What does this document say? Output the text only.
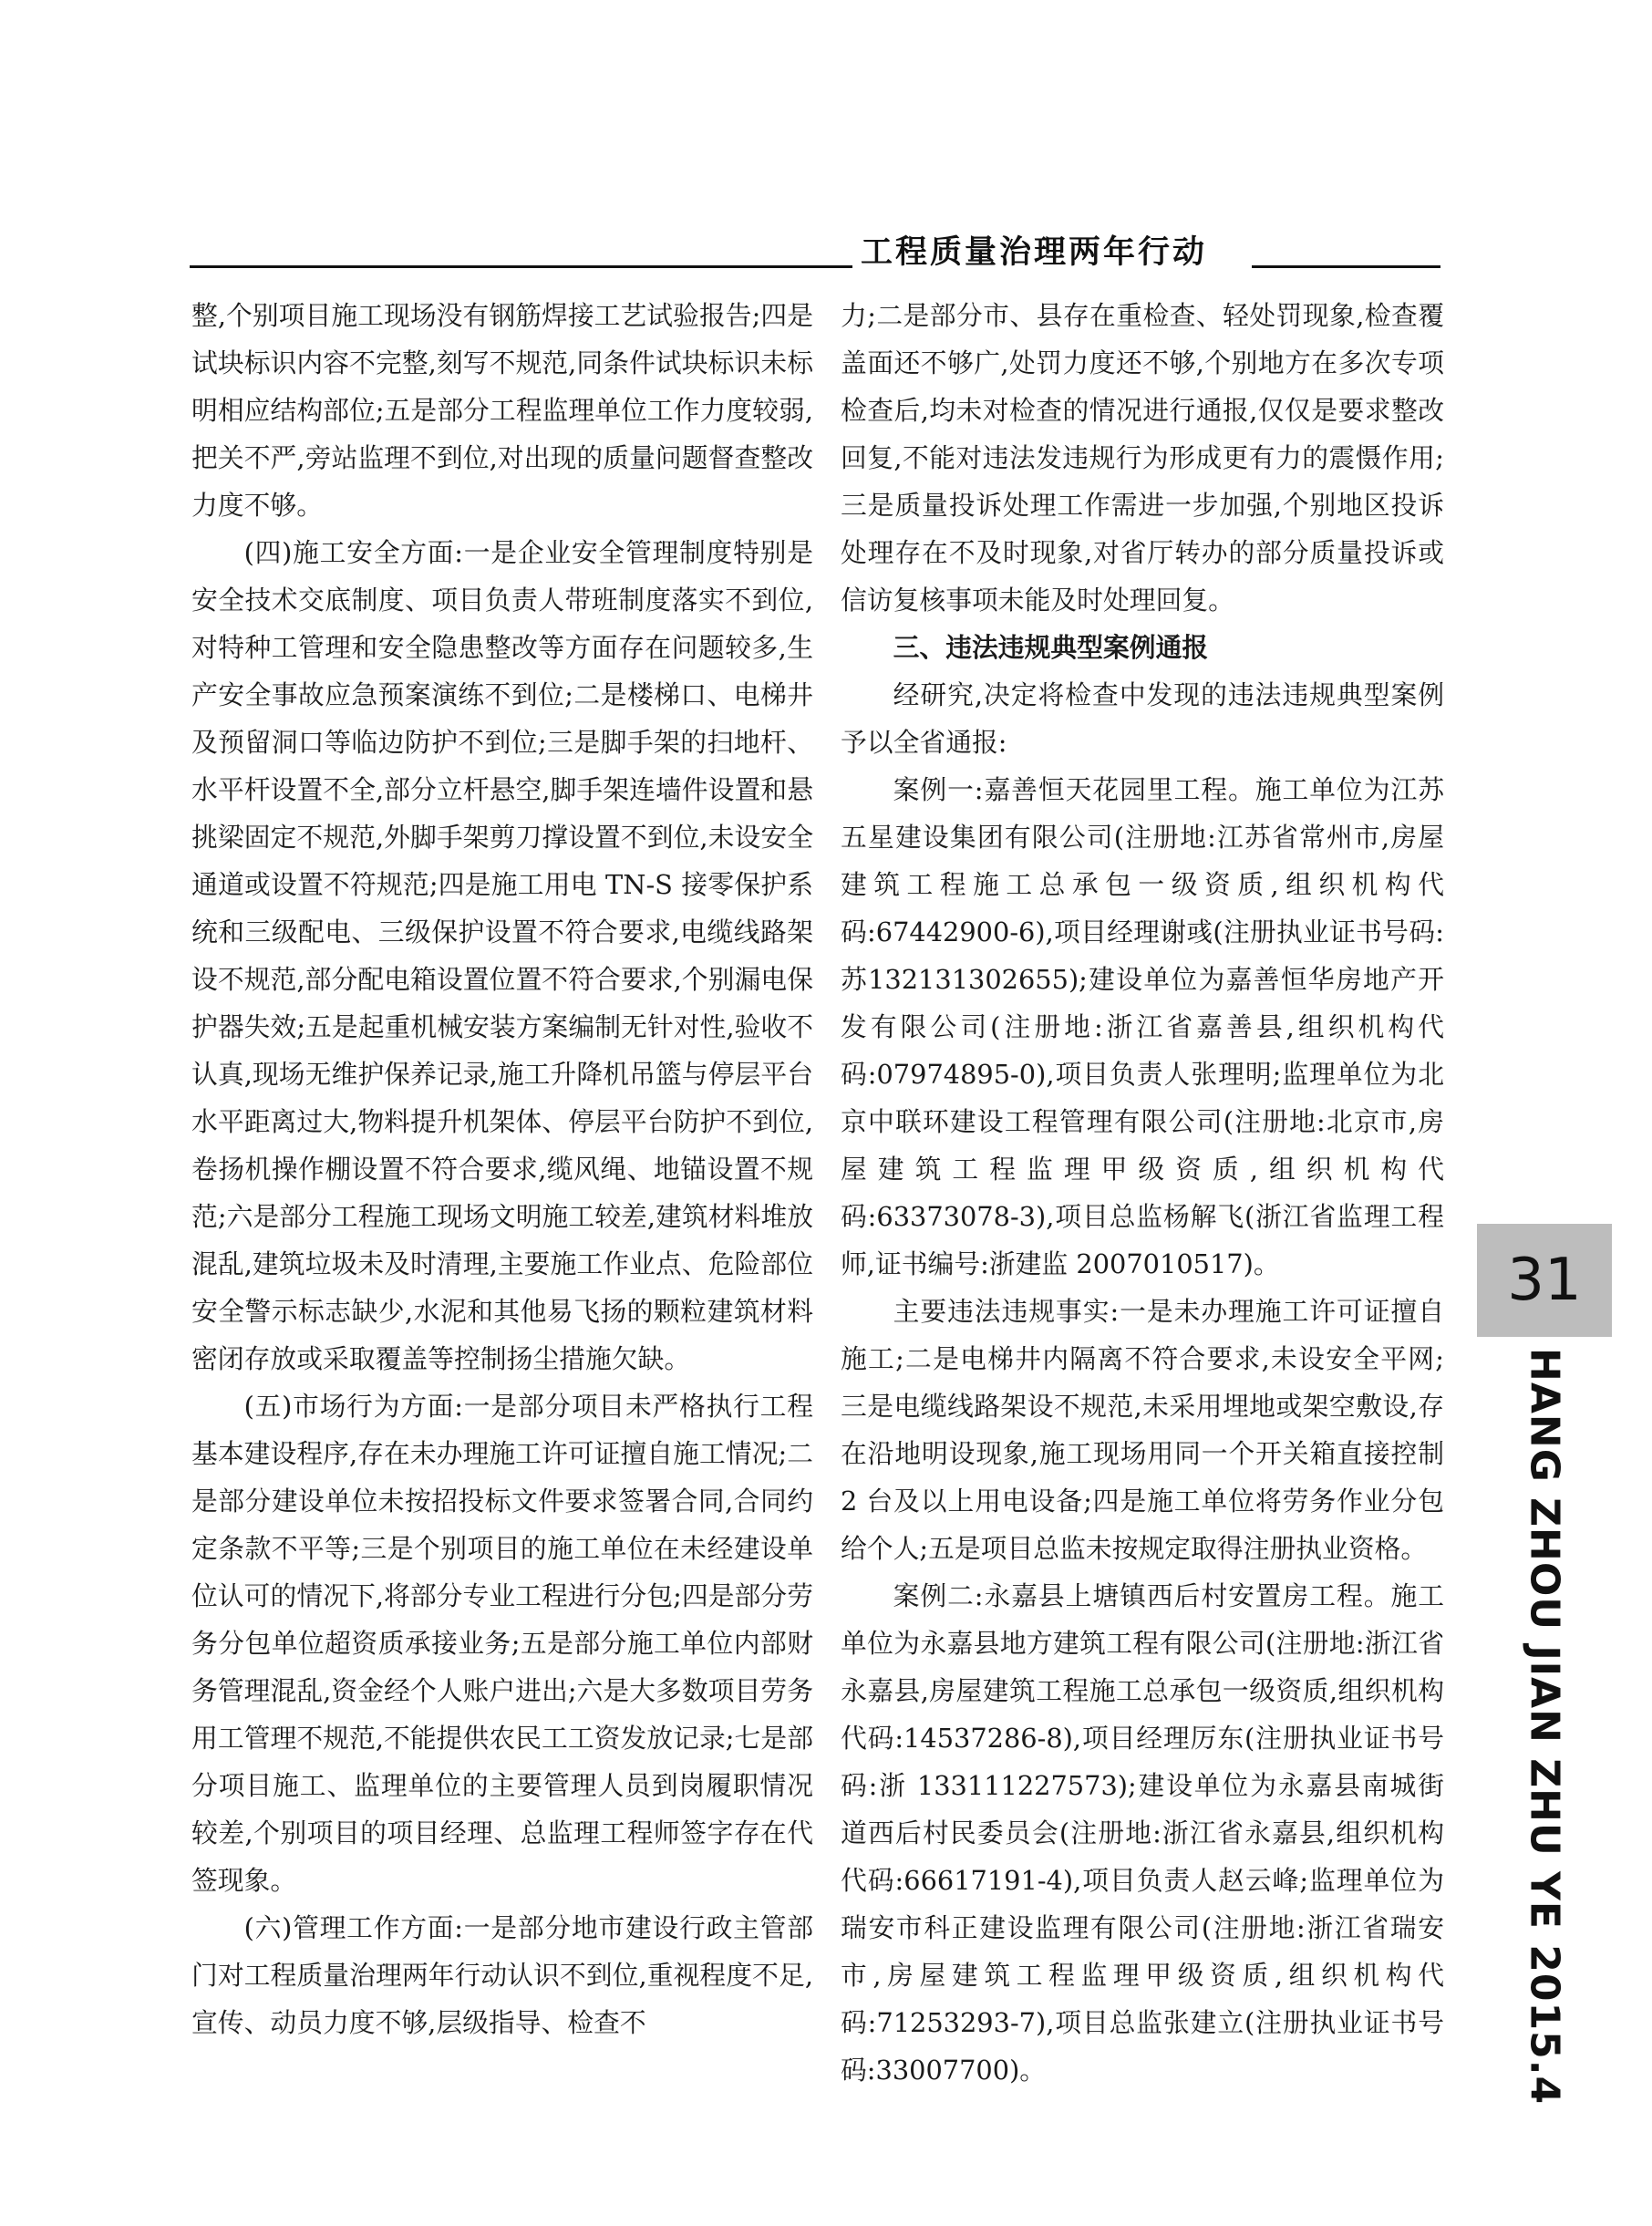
工程质量治理两年行动

整,个别项目施工现场没有钢筋焊接工艺试验报告;四是试块标识内容不完整,刻写不规范,同条件试块标识未标明相应结构部位;五是部分工程监理单位工作力度较弱,把关不严,旁站监理不到位,对出现的质量问题督查整改力度不够。

(四)施工安全方面:一是企业安全管理制度特别是安全技术交底制度、项目负责人带班制度落实不到位,对特种工管理和安全隐患整改等方面存在问题较多,生产安全事故应急预案演练不到位;二是楼梯口、电梯井及预留洞口等临边防护不到位;三是脚手架的扫地杆、水平杆设置不全,部分立杆悬空,脚手架连墙件设置和悬挑梁固定不规范,外脚手架剪刀撑设置不到位,未设安全通道或设置不符规范;四是施工用电 TN-S 接零保护系统和三级配电、三级保护设置不符合要求,电缆线路架设不规范,部分配电箱设置位置不符合要求,个别漏电保护器失效;五是起重机械安装方案编制无针对性,验收不认真,现场无维护保养记录,施工升降机吊篮与停层平台水平距离过大,物料提升机架体、停层平台防护不到位,卷扬机操作棚设置不符合要求,缆风绳、地锚设置不规范;六是部分工程施工现场文明施工较差,建筑材料堆放混乱,建筑垃圾未及时清理,主要施工作业点、危险部位安全警示标志缺少,水泥和其他易飞扬的颗粒建筑材料密闭存放或采取覆盖等控制扬尘措施欠缺。

(五)市场行为方面:一是部分项目未严格执行工程基本建设程序,存在未办理施工许可证擅自施工情况;二是部分建设单位未按招投标文件要求签署合同,合同约定条款不平等;三是个别项目的施工单位在未经建设单位认可的情况下,将部分专业工程进行分包;四是部分劳务分包单位超资质承接业务;五是部分施工单位内部财务管理混乱,资金经个人账户进出;六是大多数项目劳务用工管理不规范,不能提供农民工工资发放记录;七是部分项目施工、监理单位的主要管理人员到岗履职情况较差,个别项目的项目经理、总监理工程师签字存在代签现象。

(六)管理工作方面:一是部分地市建设行政主管部门对工程质量治理两年行动认识不到位,重视程度不足,宣传、动员力度不够,层级指导、检查不

力;二是部分市、县存在重检查、轻处罚现象,检查覆盖面还不够广,处罚力度还不够,个别地方在多次专项检查后,均未对检查的情况进行通报,仅仅是要求整改回复,不能对违法发违规行为形成更有力的震慑作用;三是质量投诉处理工作需进一步加强,个别地区投诉处理存在不及时现象,对省厅转办的部分质量投诉或信访复核事项未能及时处理回复。

三、违法违规典型案例通报

经研究,决定将检查中发现的违法违规典型案例予以全省通报:

案例一:嘉善恒天花园里工程。施工单位为江苏五星建设集团有限公司(注册地:江苏省常州市,房屋建筑工程施工总承包一级资质,组织机构代码:67442900-6),项目经理谢彧(注册执业证书号码:苏132131302655);建设单位为嘉善恒华房地产开发有限公司(注册地:浙江省嘉善县,组织机构代码:07974895-0),项目负责人张理明;监理单位为北京中联环建设工程管理有限公司(注册地:北京市,房屋建筑工程监理甲级资质,组织机构代码:63373078-3),项目总监杨解飞(浙江省监理工程师,证书编号:浙建监 2007010517)。

主要违法违规事实:一是未办理施工许可证擅自施工;二是电梯井内隔离不符合要求,未设安全平网;三是电缆线路架设不规范,未采用埋地或架空敷设,存在沿地明设现象,施工现场用同一个开关箱直接控制 2 台及以上用电设备;四是施工单位将劳务作业分包给个人;五是项目总监未按规定取得注册执业资格。

案例二:永嘉县上塘镇西后村安置房工程。施工单位为永嘉县地方建筑工程有限公司(注册地:浙江省永嘉县,房屋建筑工程施工总承包一级资质,组织机构代码:14537286-8),项目经理厉东(注册执业证书号码:浙 133111227573);建设单位为永嘉县南城街道西后村民委员会(注册地:浙江省永嘉县,组织机构代码:66617191-4),项目负责人赵云峰;监理单位为瑞安市科正建设监理有限公司(注册地:浙江省瑞安市,房屋建筑工程监理甲级资质,组织机构代码:71253293-7),项目总监张建立(注册执业证书号码:33007700)。

31
HANG ZHOU JIAN ZHU YE 2015.4
